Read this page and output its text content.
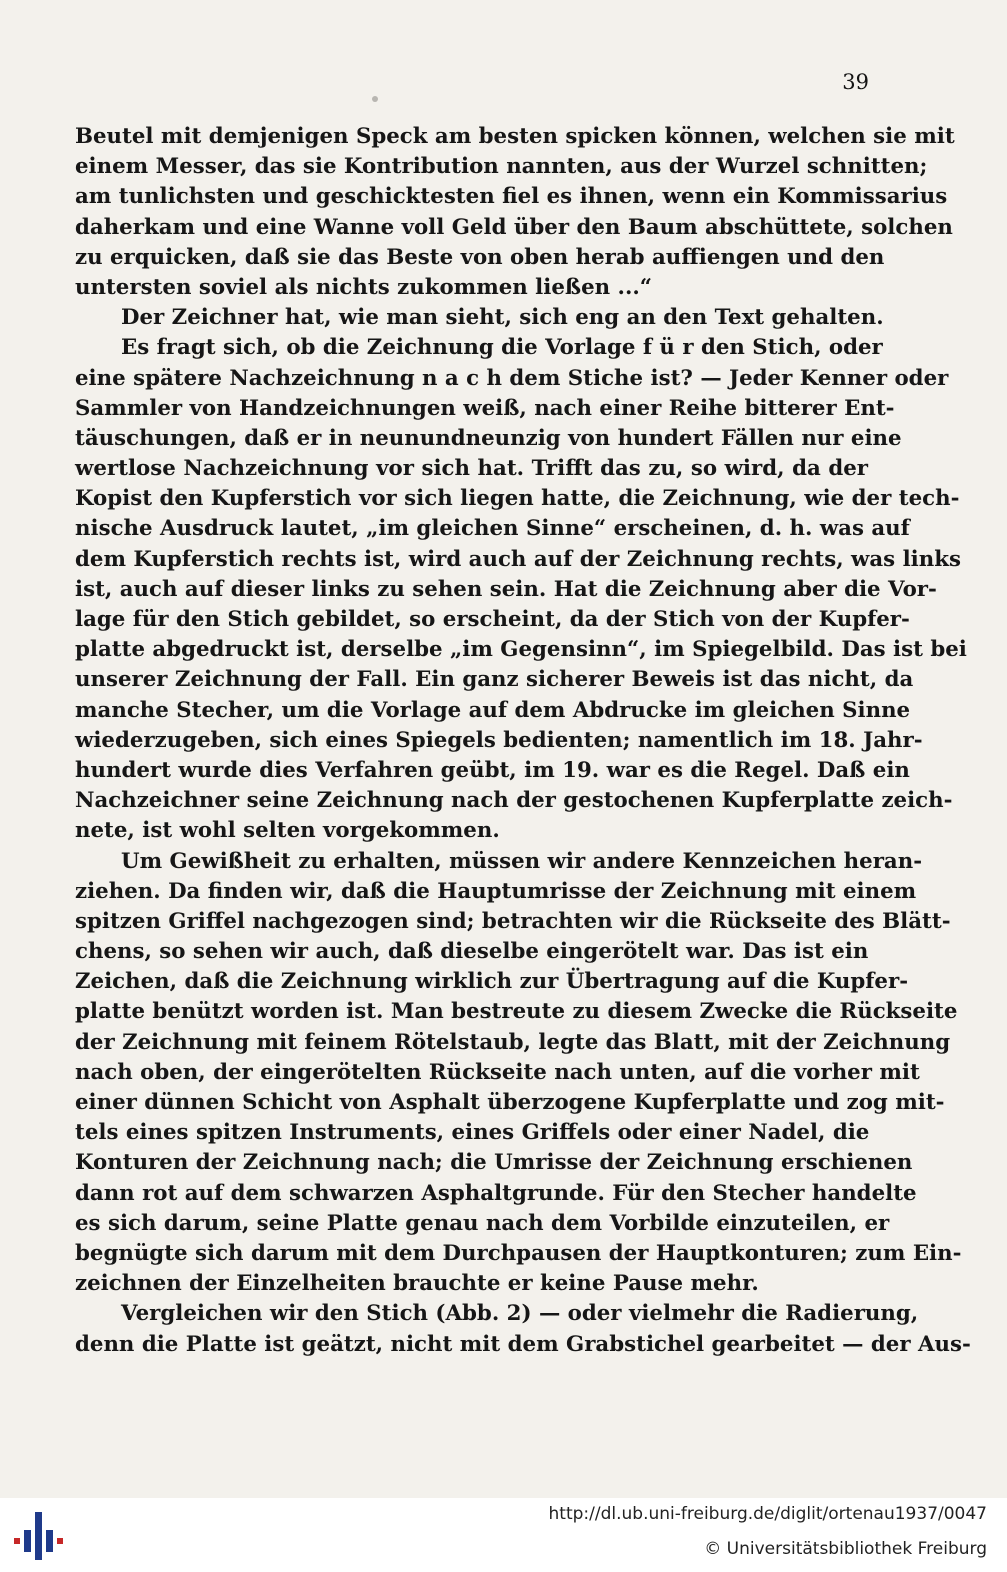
39
Beutel mit demjenigen Speck am besten spicken können, welchen sie mit
einem Messer, das sie Kontribution nannten, aus der Wurzel schnitten;
am tunlichsten und geschicktesten fiel es ihnen, wenn ein Kommissarius
daherkam und eine Wanne voll Geld über den Baum abschüttete, solchen
zu erquicken, daß sie das Beste von oben herab auffiengen und den
untersten soviel als nichts zukommen ließen ...“
Der Zeichner hat, wie man sieht, sich eng an den Text gehalten.
Es fragt sich, ob die Zeichnung die Vorlage f ü r den Stich, oder
eine spätere Nachzeichnung n a c h dem Stiche ist? — Jeder Kenner oder
Sammler von Handzeichnungen weiß, nach einer Reihe bitterer Ent-
täuschungen, daß er in neunundneunzig von hundert Fällen nur eine
wertlose Nachzeichnung vor sich hat. Trifft das zu, so wird, da der
Kopist den Kupferstich vor sich liegen hatte, die Zeichnung, wie der tech-
nische Ausdruck lautet, „im gleichen Sinne“ erscheinen, d. h. was auf
dem Kupferstich rechts ist, wird auch auf der Zeichnung rechts, was links
ist, auch auf dieser links zu sehen sein. Hat die Zeichnung aber die Vor-
lage für den Stich gebildet, so erscheint, da der Stich von der Kupfer-
platte abgedruckt ist, derselbe „im Gegensinn“, im Spiegelbild. Das ist bei
unserer Zeichnung der Fall. Ein ganz sicherer Beweis ist das nicht, da
manche Stecher, um die Vorlage auf dem Abdrucke im gleichen Sinne
wiederzugeben, sich eines Spiegels bedienten; namentlich im 18. Jahr-
hundert wurde dies Verfahren geübt, im 19. war es die Regel. Daß ein
Nachzeichner seine Zeichnung nach der gestochenen Kupferplatte zeich-
nete, ist wohl selten vorgekommen.
Um Gewißheit zu erhalten, müssen wir andere Kennzeichen heran-
ziehen. Da finden wir, daß die Hauptumrisse der Zeichnung mit einem
spitzen Griffel nachgezogen sind; betrachten wir die Rückseite des Blätt-
chens, so sehen wir auch, daß dieselbe eingerötelt war. Das ist ein
Zeichen, daß die Zeichnung wirklich zur Übertragung auf die Kupfer-
platte benützt worden ist. Man bestreute zu diesem Zwecke die Rückseite
der Zeichnung mit feinem Rötelstaub, legte das Blatt, mit der Zeichnung
nach oben, der eingerötelten Rückseite nach unten, auf die vorher mit
einer dünnen Schicht von Asphalt überzogene Kupferplatte und zog mit-
tels eines spitzen Instruments, eines Griffels oder einer Nadel, die
Konturen der Zeichnung nach; die Umrisse der Zeichnung erschienen
dann rot auf dem schwarzen Asphaltgrunde. Für den Stecher handelte
es sich darum, seine Platte genau nach dem Vorbilde einzuteilen, er
begnügte sich darum mit dem Durchpausen der Hauptkonturen; zum Ein-
zeichnen der Einzelheiten brauchte er keine Pause mehr.
Vergleichen wir den Stich (Abb. 2) — oder vielmehr die Radierung,
denn die Platte ist geätzt, nicht mit dem Grabstichel gearbeitet — der Aus-
http://dl.ub.uni-freiburg.de/diglit/ortenau1937/0047
© Universitätsbibliothek Freiburg
